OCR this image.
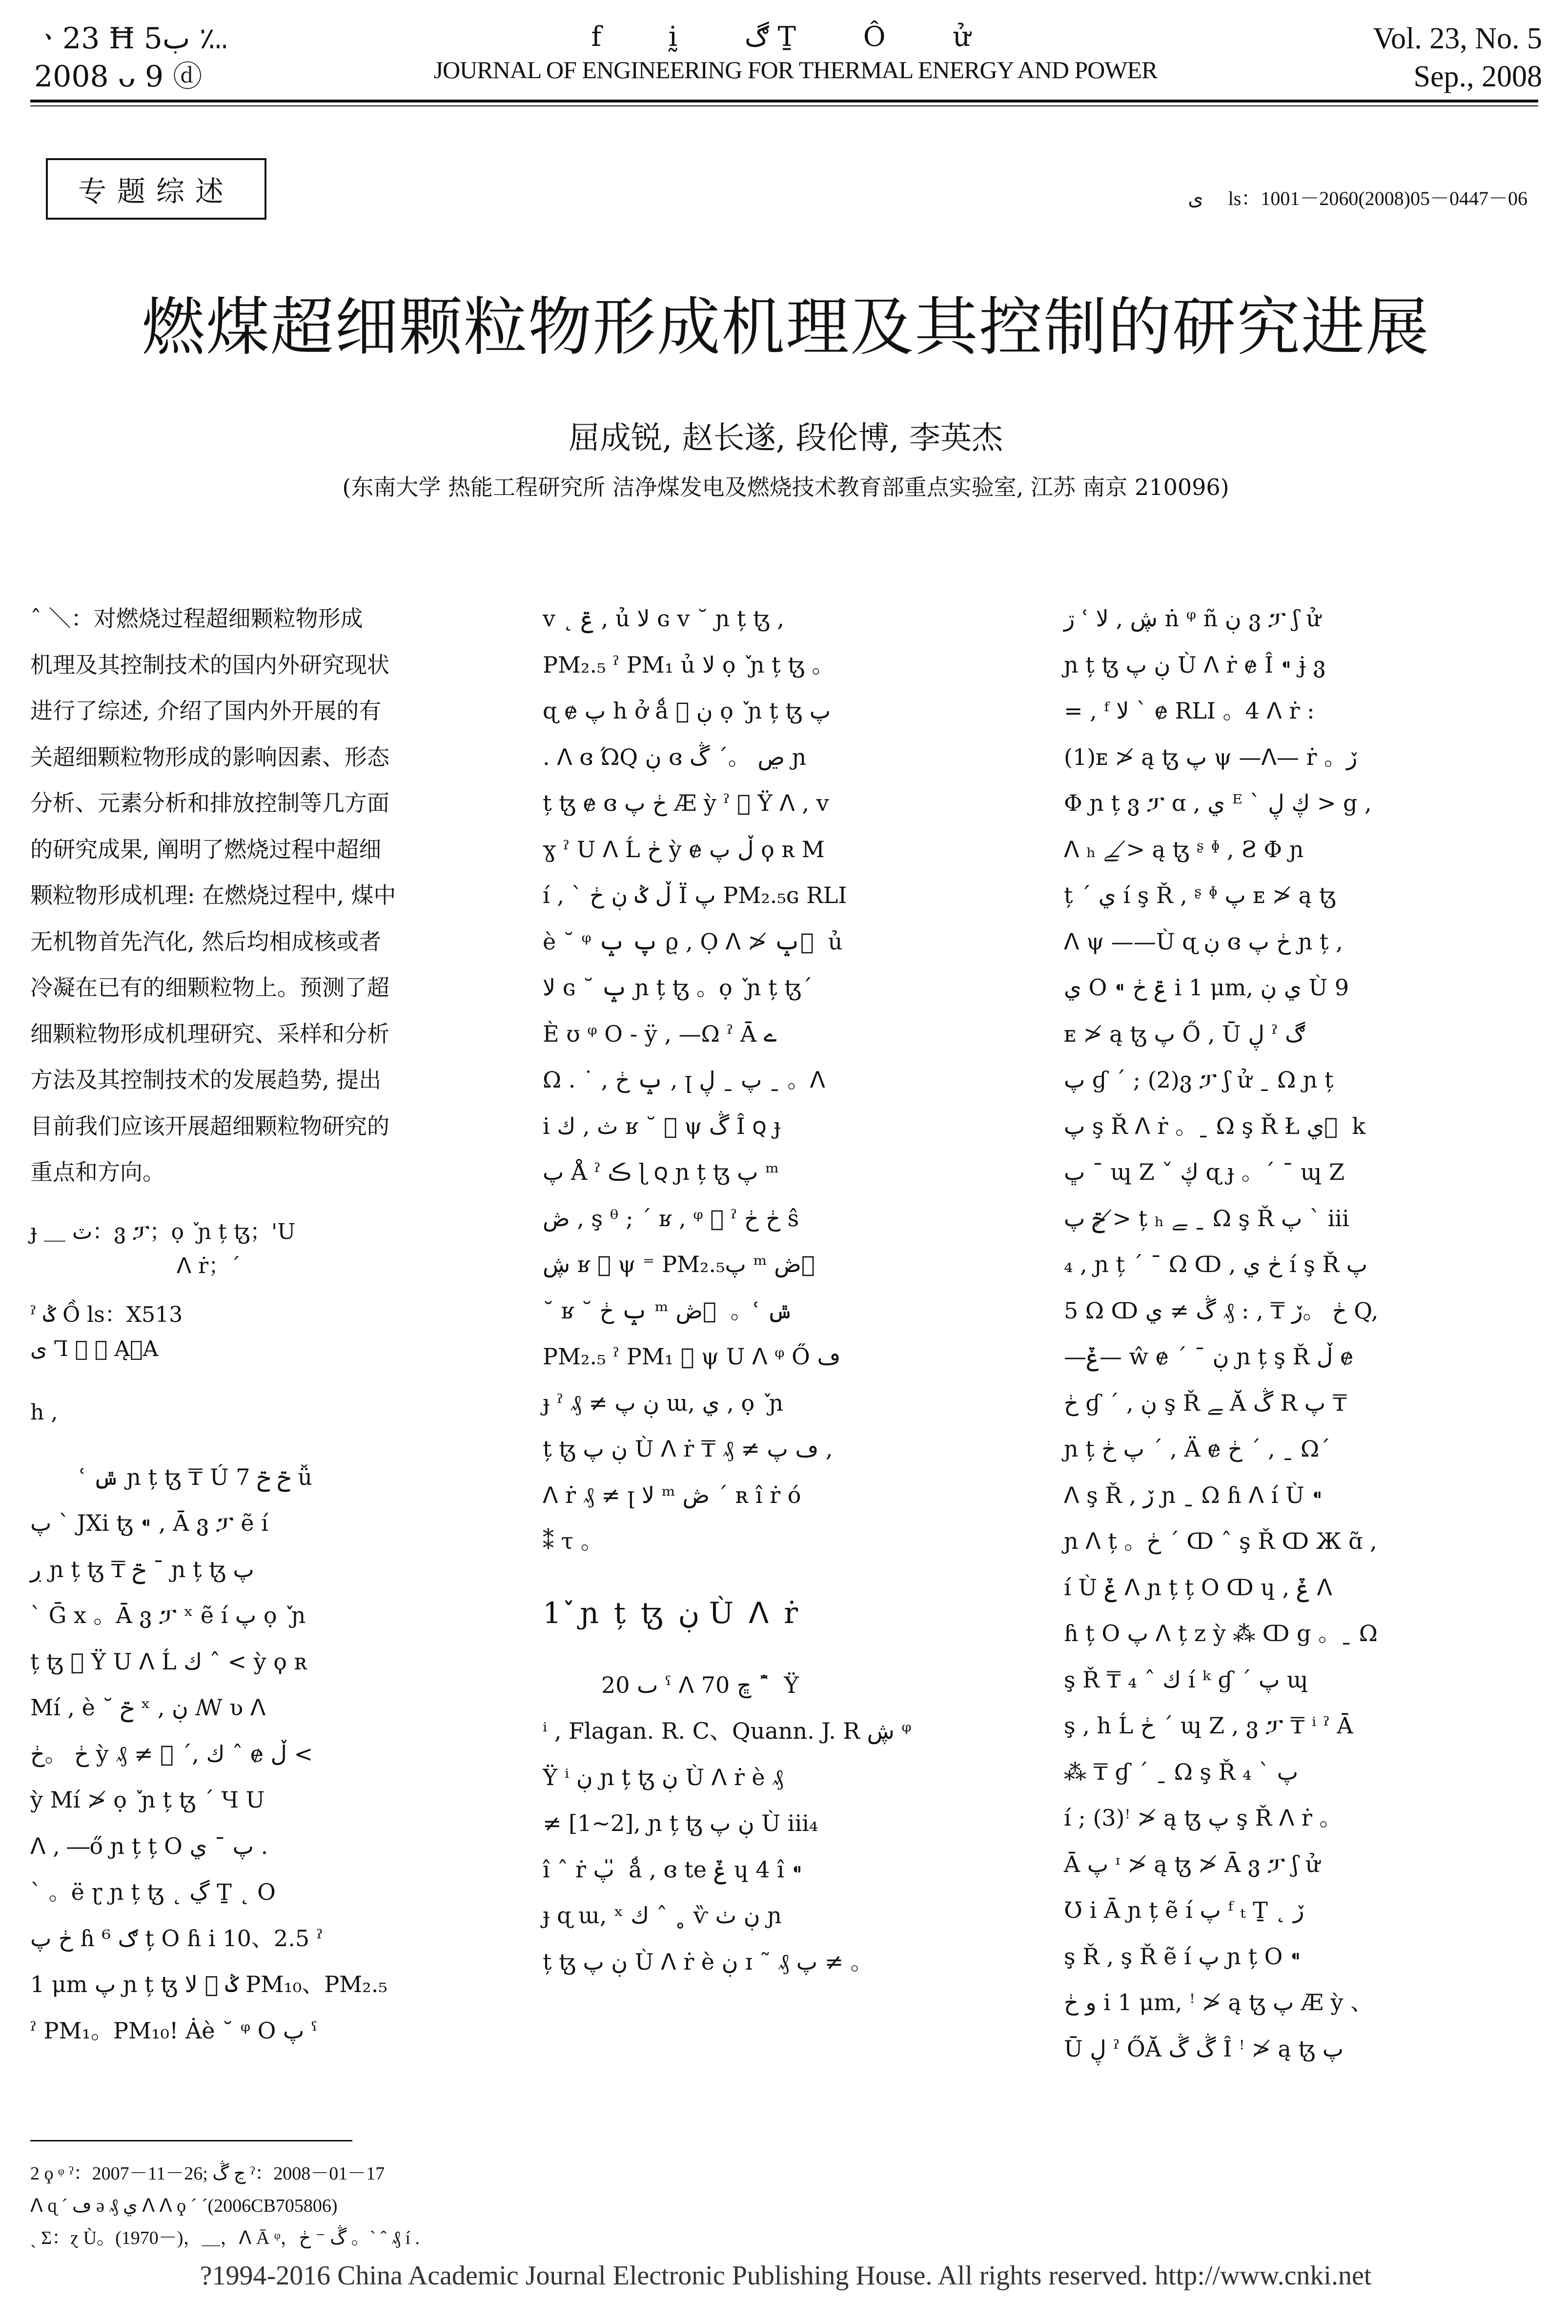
ㆍ23 Ħ ب5 ؊
2008 ᴗ 9 ⓓ
f ḭ ڰ Ṯ Ô ử
JOURNAL OF ENGINEERING FOR THERMAL ENERGY AND POWER
Vol. 23, No. 5
Sep., 2008
专题综述	ى ⃞ ls：1001－2060(2008)05－0447－06
燃煤超细颗粒物形成机理及其控制的研究进展
屈成锐, 赵长遂, 段伦博, 李英杰
(东南大学 热能工程研究所 洁净煤发电及燃烧技术教育部重点实验室, 江苏 南京 210096)

ˆ ＼：对燃烧过程超细颗粒物形成

机理及其控制技术的国内外研究现状

进行了综述, 介绍了国内外开展的有

关超细颗粒物形成的影响因素、形态

分析、元素分析和排放控制等几方面

的研究成果, 阐明了燃烧过程中超细

颗粒物形成机理: 在燃烧过程中, 煤中

无机物首先汽化, 然后均相成核或者

冷凝在已有的细颗粒物上。预测了超

细颗粒物形成机理研究、采样和分析

方法及其控制技术的发展趋势, 提出

目前我们应该开展超细颗粒物研究的

重点和方向。

ɟ ＿ ٽ：ვ ፓ；ọ ٚ ɲ ț ꜩ；ꞌU

ꓥ ṙ；´

ˀ ݣ Ồ ls：X513

ى Ꞁ ⃞ ＝ Ą：A

h ,

ʿ ݜ ɲ ț ꜩ ₸ Ú 7 ݗ ݗ ǚ

پ ˋ JXi ꜩ ⁌ , Ā ვ ፓ ẽ í

ڔ ɲ ț ꜩ ₸ ݗ ˉ ɲ ț ꜩ پ

ˋ Ḡ x 。Ā ვ ፓ ˣ ẽ í پ ọ ٚ ɲ

ț ꜩ ⃞ Ÿ U ꓥ Ĺ ك ˆ < ỳ ϙ ʀ

Mí , è ˘ ݗ ˣ , ڹ ꟿ ʋ ꓥ

ڂ 。ڂ ỳ ₰ ≠ ⃞ ´, ك ˆ ɇ ڵ <

ỳ Mí ≯ ọ ٚ ɲ ț ꜩ ´ Ч U

ꓥ , ―ő ɲ ț ț O پ ˉ ي .

ˋ 。ë ɽ ɲ ț ꜩ ˛ ڲ Ṯ ˛ O

ڂ پ ɦ ګ ⁶ ț O ɦ i 10、2.5 ˀ

1 μm پ ɲ ț ꜩ ݣ ⃞ ﻻ PM₁₀、PM₂.₅

ˀ PM₁。PM₁₀! Ȧè ˘ ᵠ O پ ˁ

v ˛ ݝ , ủ ﻻ ɢ v ˘ ɲ ț ꜩ ,

PM₂.₅ ˀ PM₁ ủ ﻻ ọ ٚ ɲ ț ꜩ 。

ɋ ɇ پ h ở ǻ ⃞ ڹ ọ ٚ ɲ ț ꜩ پ

. ꓥ ɞ ΏQ ڹ ɞ ڝ 。ˊ ڴ ɲ

ț ꜩ ɇ ɞ ڂ پ Æ ỳ ˀ ⃞ Ÿ ꓥ , v

ɣ ˀ U ꓥ Ĺ ڂ ỳ ɇ ڵ پ ϙ ʀ M

í , ˋ ڵ ݣ ڹ ڂ Ï پ PM₂.₅ɢ RLI

è ˘ ᵠ پ ݒ ϱ , Ọ ꓥ ≯ ݒ ⃞ ủ

ﻻ ɢ ˘ ݒ ɲ ț ꜩ 。ọ ٚ ɲ ț ꜩ´

È ʊ ᵠ O - ÿ , —Ω ˀ Ā ے

Ω . ˙ , ݒ ڂ , ꞁ پ ˍ ڸ ˍ 。ꓥ

i ث , ك ʁ ˘ ⃞ ψ ڴ Î ꞯ ɟ

پ Å ˀ ڪ ɭ ꞯ ɲ ț ꜩ پ ᵐ

ڞ , ş ᶿ ; ˊ ʁ , ᵠ ⃞ ˀ ڂ ڂ ŝ

ڜ ʁ ⃞ ψ ⁼ PM₂.₅پ ᵐ ڞ ⃞

˘ ʁ ˘ ݒ ڂ ᵐ ڞ ⃞ 。ʿ ݜ

PM₂.₅ ˀ PM₁ ⃞ ψ U ꓥ ᵠ Ő ڡ

ɟ ˀ ₰ ≠ ڹ پ ɯ, ي , ọ ٚ ɲ

ț ꜩ ڹ پ Ù ꓥ ṙ ₸ ₰ ≠ ڡ پ ,

ꓥ ṙ ₰ ≠ ꞁ ﻻ ᵐ ڞ ´ ʀ î ṙ ó

⁑ τ 。

1 ٚ ɲ ț ꜩ ڹ Ù ꓥ ṙ

ٮ 20 ˁ ꓥ 70 ڇ ˘ ̂ Ÿ

ⁱ , Flagan. R. C、Quann. J. R ڜ ᵠ

Ÿ ⁱ ڹ ɲ ț ꜩ ڹ Ù ꓥ ṙ è ₰

≠ [1~2], ɲ ț ꜩ ڹ پ Ù iii₄

î ˆ ṙ پ ̎ ǻ , ɞ te ݞ ɥ 4 î ⁌

ɟ ɋ ɯ, ˣ ك ˆ ˳ ѷ ڹ ٺ ɲ

ț ꜩ ڹ پ Ù ꓥ ṙ è ڹ ɪ ˜ ₰ پ ≠ 。

ڗ ʿ ڜ , ﻻ ṅ ᵠ ñ ڹ ვ ፓ ʃ ử

ɲ ț ꜩ ڹ پ Ù ꓥ ṙ ɇ Î ⁌ ɉ ვ

= , ᶠ ﻻ ˋ ɇ RLI 。4 ꓥ ṙ :

(1)ᴇ ≯ ą ꜩ پ ψ —ꓥ— ṙ 。ڒ

Φ ɲ ț ვ ፓ ɑ , ي ᴱ ˋ ڮ ڸ > g ,

ꓥ ₕ ﮯ ≯ ą ꜩ ᶳ ᶲ , Ƨ Φ ɲ

ț ´ ي í ş Ř , ᶳ ᶲ پ ᴇ ≯ ą ꜩ

ꓥ ψ ——Ù ɋ ڹ ɞ ڂ پ ɲ ț ,

ي O ⁌ ݝ ڂ i 1 μm, ي ڹ Ù 9

ᴇ ≯ ą ꜩ پ Ő , Ū ڸ ˀ ڰ

پ ɠ ˊ ; (2)ვ ፓ ʃ ử ˍ Ω ɲ ț

پ ş Ř ꓥ ṙ 。ˍ Ω ş Ř Ł ي ⃞ k

ڀ ˉ ɰ Z ˇ ڮ ɋ ɟ 。´ ˉ ɰ Z

ݗ پ ≯ ț ₕ ﮯ ˍ Ω ş Ř پ ˋ iii

₄ , ɲ ț ´ ˉ Ω ↀ , ڂ ي í ş Ř پ

5 Ω ↀ ڂ 。ڒ ₸ , : ₰ ڴ ≠ ي Q,

—ݞ— ŵ ɇ ´ ˉ ڹ ɲ ț ş Ř ڵ ɇ

ڂ ɠ ˊ , ڹ ş Ř ﮯ Ă ڴ R پ ₸

ɲ ț پ ڂ ´ , Ä ɇ ڂ ´ , ˍ Ω´

ꓥ ş Ř , ڒ ɲ ˍ Ω ɦ ꓥ í Ù ⁌

ɲ ꓥ ț 。ڂ ´ ↀ ˆ ş Ř ↀ Ж ɑ̃ ,

í Ù ݞ ꓥ ɲ ț ț O ↀ ɥ , ݞ ꓥ

ɦ ț O پ ꓥ ț z ỳ ⁂ ↀ g 。ˍ Ω

ş Ř ₸ ك ˆ ₄ í ᵏ ɠ ˊ پ ɰ

ş , h Ĺ ڂ ´ ɰ Z , ვ ፓ ₸ ⁱ ˀ Ā

⁂ ₸ ɠ ˊ ˍ Ω ş Ř پ ˋ ₄

í ; (3)ꜝ ≯ ą ꜩ پ ş Ř ꓥ ṙ 。

Ā پ ᶦ ≯ ą ꜩ ≯ Ā ვ ፓ ʃ ử

Ʊ i Ā ɲ ț ẽ í پ ᶠ ₜ Ṯ ˛ ڒ

ş Ř , ş Ř ẽ í پ ɲ ț O ⁌

و ڂ i 1 μm, ꜝ ≯ ą ꜩ پ Æ ỳ 、

Ū ڸ ˀ ŐĂ ڴ ڴ Î ꜝ ≯ ą ꜩ پ

2 ϙ ᵠ ˀ：2007－11－26; ڃ ڴ ˀ：2008－01－17

ꓥ ɋ ´ ڡ ə ₰ ي ꓥ ꓥ ϙ ´ ´(2006CB705806)

ˏ Ʃ：ɀ Ù。(1970－)，＿，ꓥ Ā ᵠ，ڴ ⁻ ڂ 。ˋ ˆ ₰ í .

?1994-2016 China Academic Journal Electronic Publishing House. All rights reserved. http://www.cnki.net
